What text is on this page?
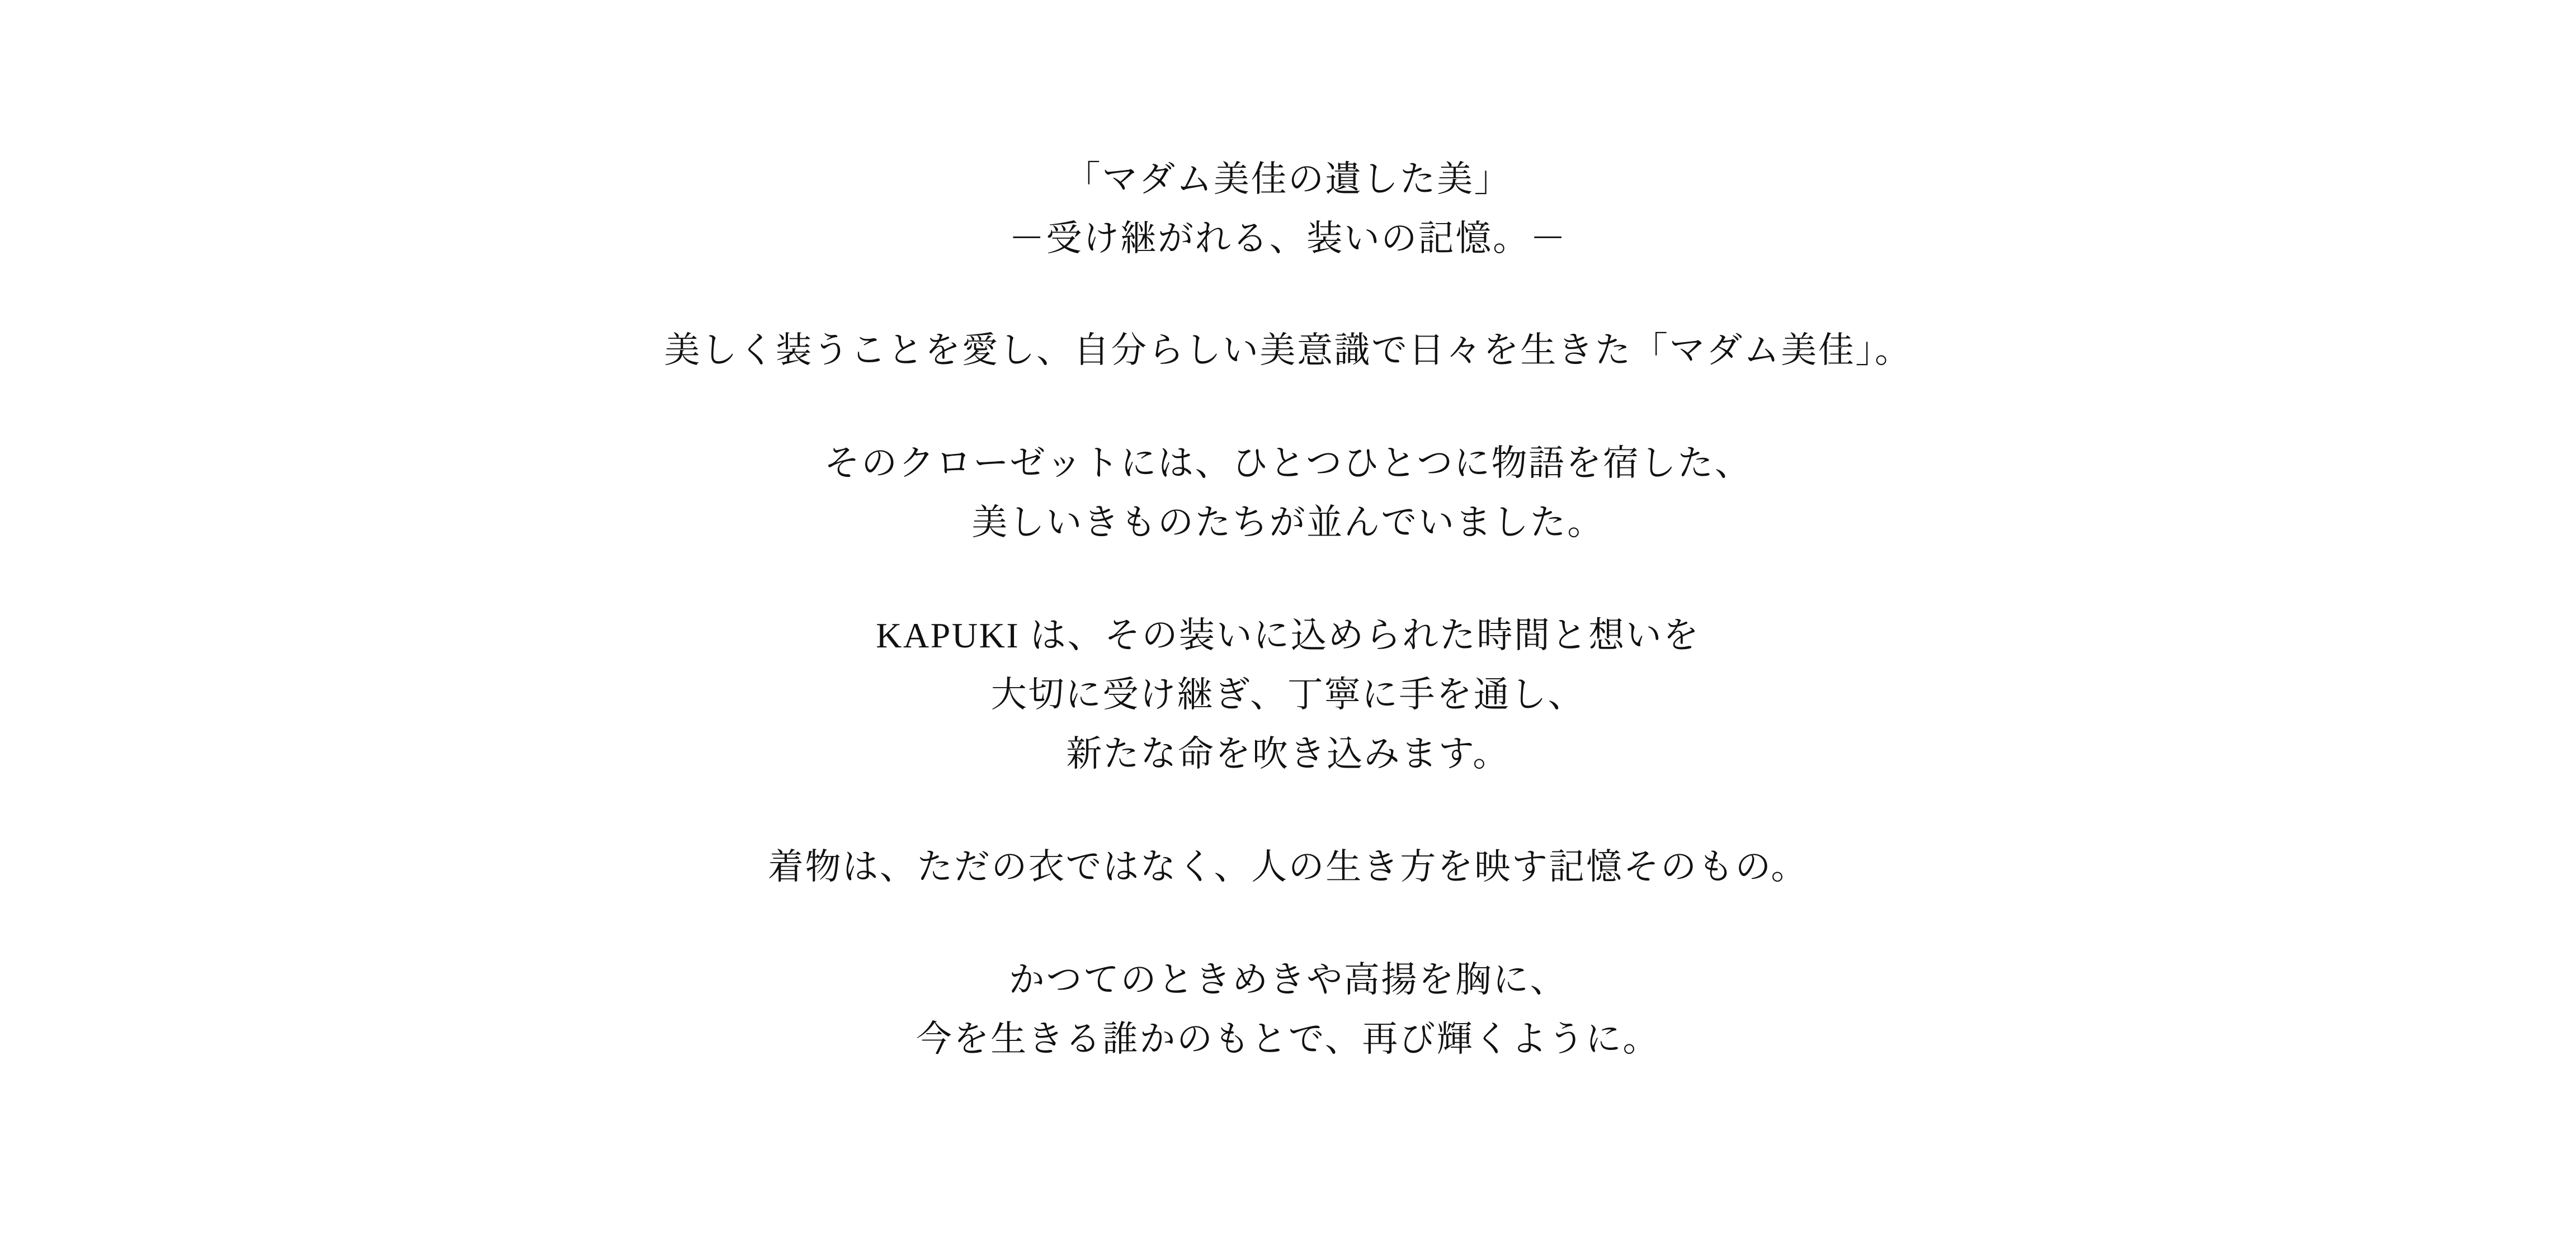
「マダム美佳の遺した美」
－受け継がれる、装いの記憶。－
美しく装うことを愛し、自分らしい美意識で日々を生きた「マダム美佳」。
そのクローゼットには、ひとつひとつに物語を宿した、
美しいきものたちが並んでいました。
KAPUKI は、その装いに込められた時間と想いを
大切に受け継ぎ、丁寧に手を通し、
新たな命を吹き込みます。
着物は、ただの衣ではなく、人の生き方を映す記憶そのもの。
かつてのときめきや高揚を胸に、
今を生きる誰かのもとで、再び輝くように。
